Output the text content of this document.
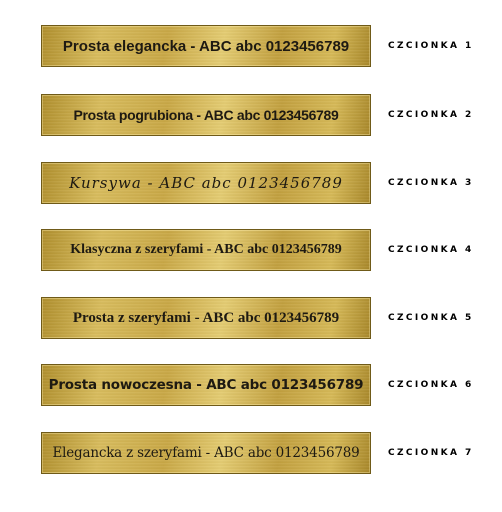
Prosta elegancka - ABC abc 0123456789	CZCIONKA 1
Prosta pogrubiona - ABC abc 0123456789	CZCIONKA 2
Kursywa - ABC abc 0123456789	CZCIONKA 3
Klasyczna z szeryfami - ABC abc 0123456789	CZCIONKA 4
Prosta z szeryfami - ABC abc 0123456789	CZCIONKA 5
Prosta nowoczesna - ABC abc 0123456789	CZCIONKA 6
Elegancka z szeryfami - ABC abc 0123456789	CZCIONKA 7
